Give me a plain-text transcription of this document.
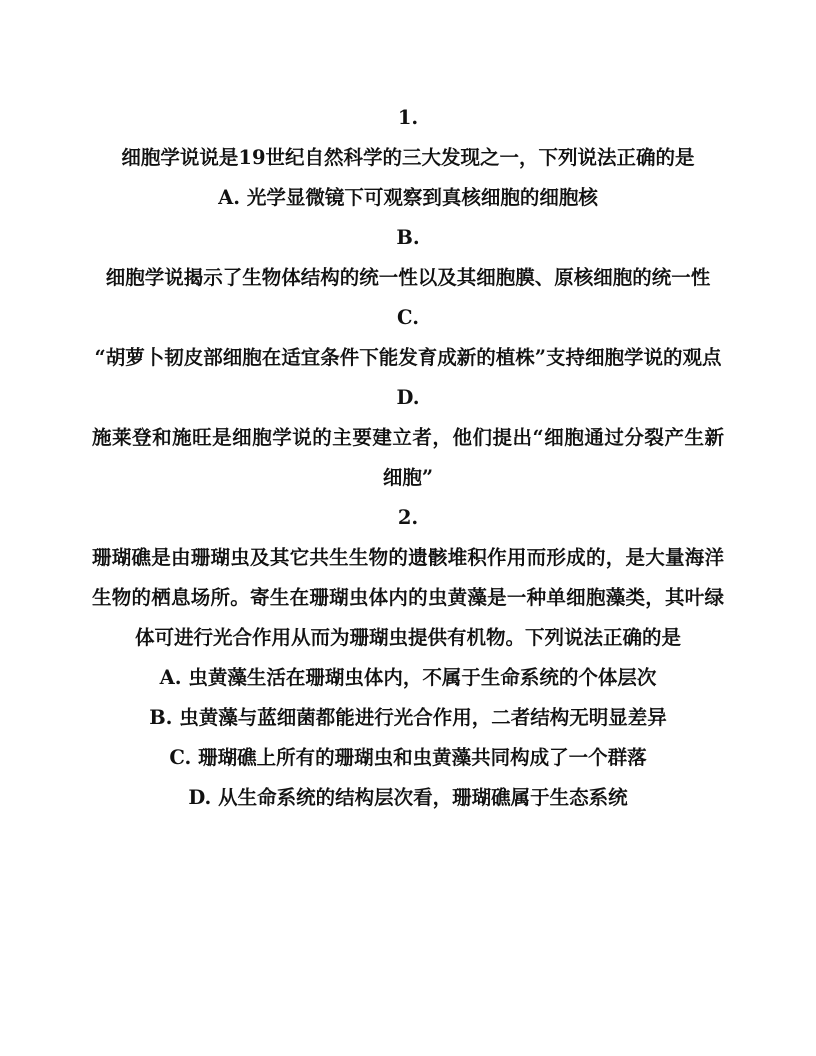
1.
细胞学说说是19世纪自然科学的三大发现之一，下列说法正确的是
A. 光学显微镜下可观察到真核细胞的细胞核
B.
细胞学说揭示了生物体结构的统一性以及其细胞膜、原核细胞的统一性
C.
“胡萝卜韧皮部细胞在适宜条件下能发育成新的植株”支持细胞学说的观点
D.
施莱登和施旺是细胞学说的主要建立者，他们提出“细胞通过分裂产生新细胞”
2.
珊瑚礁是由珊瑚虫及其它共生生物的遗骸堆积作用而形成的，是大量海洋生物的栖息场所。寄生在珊瑚虫体内的虫黄藻是一种单细胞藻类，其叶绿体可进行光合作用从而为珊瑚虫提供有机物。下列说法正确的是
A. 虫黄藻生活在珊瑚虫体内，不属于生命系统的个体层次
B. 虫黄藻与蓝细菌都能进行光合作用，二者结构无明显差异
C. 珊瑚礁上所有的珊瑚虫和虫黄藻共同构成了一个群落
D. 从生命系统的结构层次看，珊瑚礁属于生态系统
